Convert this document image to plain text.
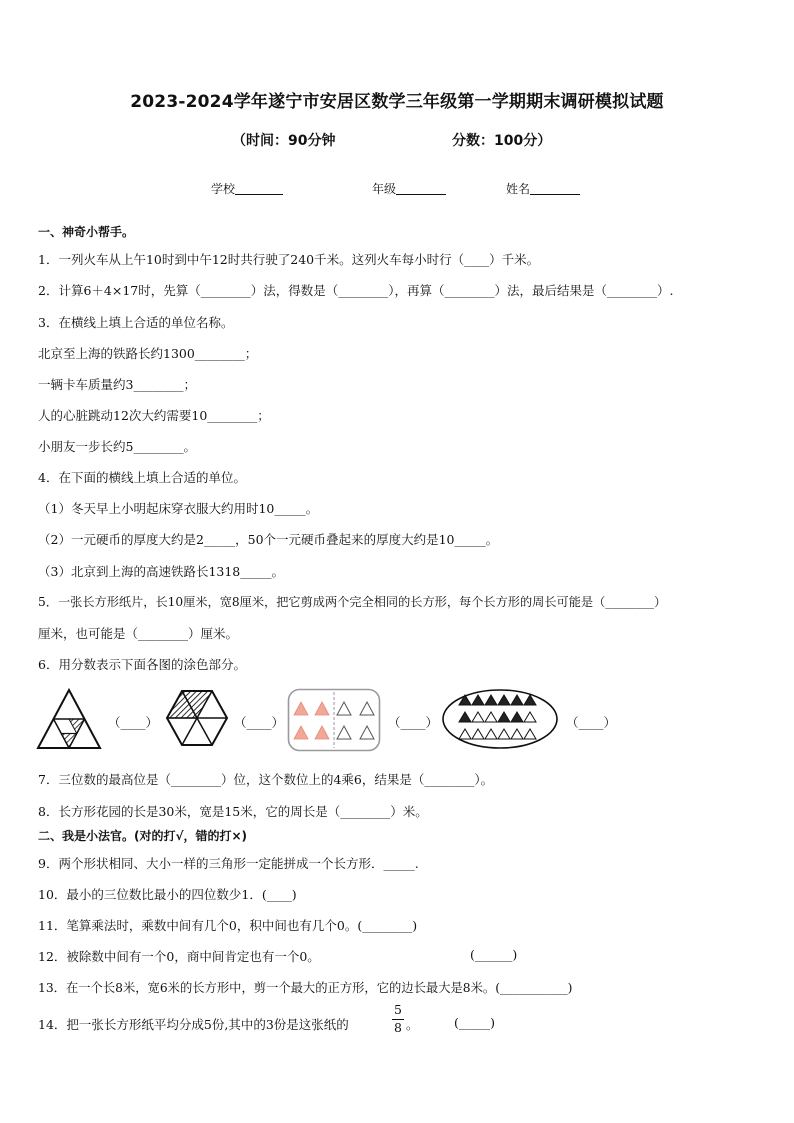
2023-2024学年遂宁市安居区数学三年级第一学期期末调研模拟试题
（时间：90分钟	分数：100分）
学校	年级	姓名
一、神奇小帮手。
1．一列火车从上午10时到中午12时共行驶了240千米。这列火车每小时行（____）千米。
2．计算6＋4×17时，先算（________）法，得数是（________），再算（________）法，最后结果是（________）.
3．在横线上填上合适的单位名称。
北京至上海的铁路长约1300________；
一辆卡车质量约3________；
人的心脏跳动12次大约需要10________；
小朋友一步长约5________。
4．在下面的横线上填上合适的单位。
（1）冬天早上小明起床穿衣服大约用时10_____。
（2）一元硬币的厚度大约是2_____，50个一元硬币叠起来的厚度大约是10_____。
（3）北京到上海的高速铁路长1318_____。
5．一张长方形纸片，长10厘米，宽8厘米，把它剪成两个完全相同的长方形，每个长方形的周长可能是（________）
厘米，也可能是（________）厘米。
6．用分数表示下面各图的涂色部分。
（____）	（____）	（____）	（____）
7．三位数的最高位是（________）位，这个数位上的4乘6，结果是（________）。
8．长方形花园的长是30米，宽是15米，它的周长是（________）米。
二、我是小法官。(对的打√，错的打×)
9．两个形状相同、大小一样的三角形一定能拼成一个长方形．_____.
10．最小的三位数比最小的四位数少1．(____)
11．笔算乘法时，乘数中间有几个0，积中间也有几个0。(________)
12．被除数中间有一个0，商中间肯定也有一个0。	(______)
13．在一个长8米，宽6米的长方形中，剪一个最大的正方形，它的边长最大是8米。(___________)
14．把一张长方形纸平均分成5份,其中的3份是这张纸的	$\frac{5}{8}$ 。	(_____)
